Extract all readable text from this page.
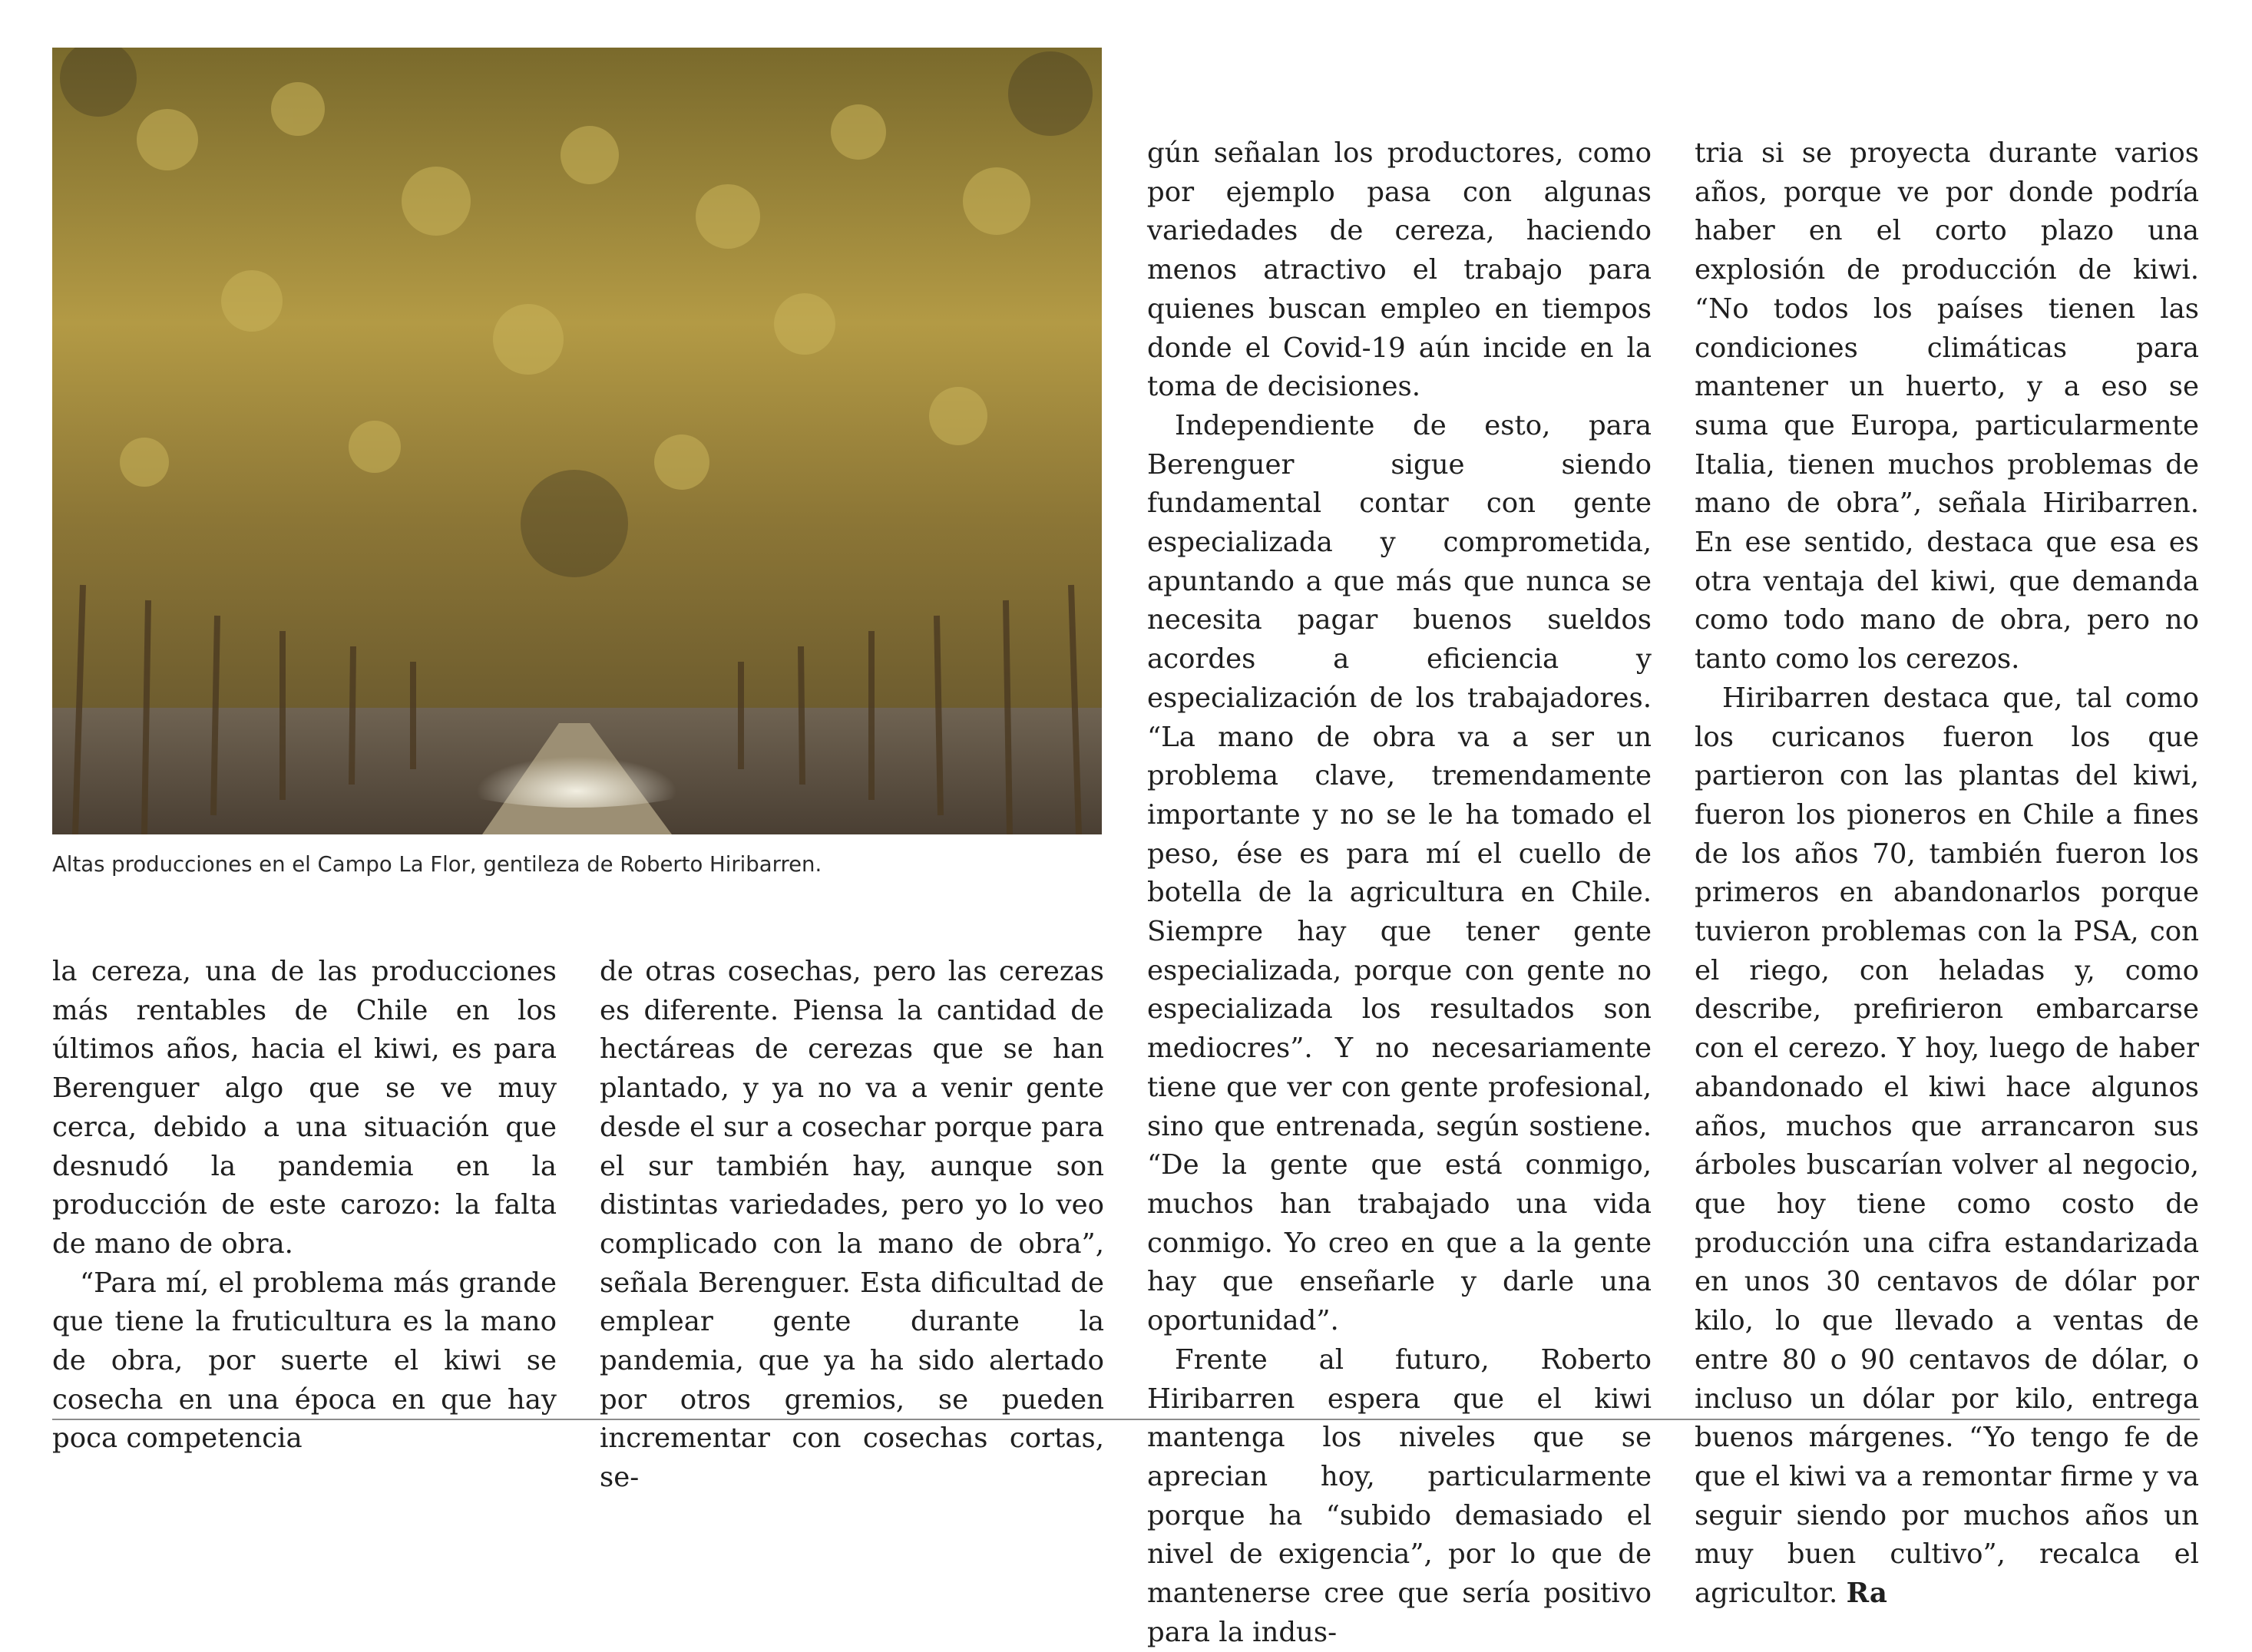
Altas producciones en el Campo La Flor, gentileza de Roberto Hiribarren.

la cereza, una de las producciones más rentables de Chile en los últimos años, hacia el kiwi, es para Berenguer algo que se ve muy cerca, debido a una situación que desnudó la pandemia en la producción de este carozo: la falta de mano de obra.

“Para mí, el problema más grande que tiene la fruticultura es la mano de obra, por suerte el kiwi se cosecha en una época en que hay poca competencia

de otras cosechas, pero las cerezas es diferente. Piensa la cantidad de hectáreas de cerezas que se han plantado, y ya no va a venir gente desde el sur a cosechar porque para el sur también hay, aunque son distintas variedades, pero yo lo veo complicado con la mano de obra”, señala Berenguer. Esta dificultad de emplear gente durante la pandemia, que ya ha sido alertado por otros gremios, se pueden incrementar con cosechas cortas, se-

gún señalan los productores, como por ejemplo pasa con algunas variedades de cereza, haciendo menos atractivo el trabajo para quienes buscan empleo en tiempos donde el Covid-19 aún incide en la toma de decisiones.

Independiente de esto, para Berenguer sigue siendo fundamental contar con gente especializada y comprometida, apuntando a que más que nunca se necesita pagar buenos sueldos acordes a eficiencia y especialización de los trabajadores. “La mano de obra va a ser un problema clave, tremendamente importante y no se le ha tomado el peso, ése es para mí el cuello de botella de la agricultura en Chile. Siempre hay que tener gente especializada, porque con gente no especializada los resultados son mediocres”. Y no necesariamente tiene que ver con gente profesional, sino que entrenada, según sostiene. “De la gente que está conmigo, muchos han trabajado una vida conmigo. Yo creo en que a la gente hay que enseñarle y darle una oportunidad”.

Frente al futuro, Roberto Hiribarren espera que el kiwi mantenga los niveles que se aprecian hoy, particularmente porque ha “subido demasiado el nivel de exigencia”, por lo que de mantenerse cree que sería positivo para la indus-

tria si se proyecta durante varios años, porque ve por donde podría haber en el corto plazo una explosión de producción de kiwi. “No todos los países tienen las condiciones climáticas para mantener un huerto, y a eso se suma que Europa, particularmente Italia, tienen muchos problemas de mano de obra”, señala Hiribarren. En ese sentido, destaca que esa es otra ventaja del kiwi, que demanda como todo mano de obra, pero no tanto como los cerezos.

Hiribarren destaca que, tal como los curicanos fueron los que partieron con las plantas del kiwi, fueron los pioneros en Chile a fines de los años 70, también fueron los primeros en abandonarlos porque tuvieron problemas con la PSA, con el riego, con heladas y, como describe, prefirieron embarcarse con el cerezo. Y hoy, luego de haber abandonado el kiwi hace algunos años, muchos que arrancaron sus árboles buscarían volver al negocio, que hoy tiene como costo de producción una cifra estandarizada en unos 30 centavos de dólar por kilo, lo que llevado a ventas de entre 80 o 90 centavos de dólar, o incluso un dólar por kilo, entrega buenos márgenes. “Yo tengo fe de que el kiwi va a remontar firme y va seguir siendo por muchos años un muy buen cultivo”, recalca el agricultor. Ra
